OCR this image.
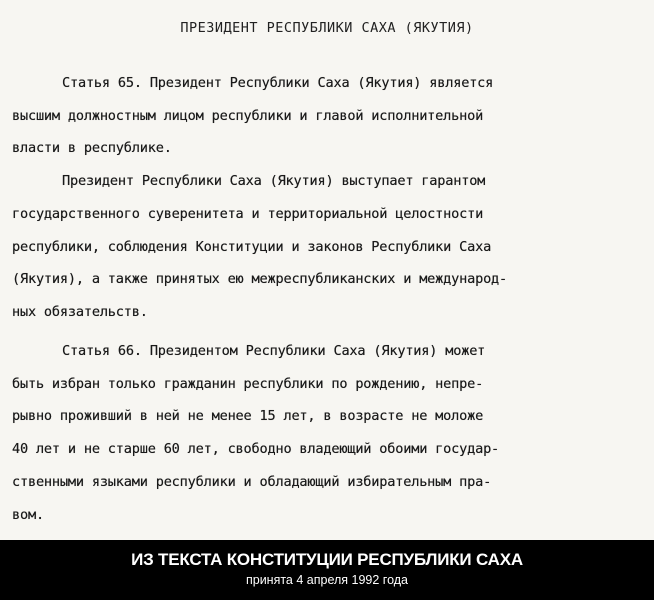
ПРЕЗИДЕНТ РЕСПУБЛИКИ САХА (ЯКУТИЯ)
Статья 65. Президент Республики Саха (Якутия) является
высшим должностным лицом республики и главой исполнительной
власти в республике.
Президент Республики Саха (Якутия) выступает гарантом
государственного суверенитета и территориальной целостности
республики, соблюдения Конституции и законов Республики Саха
(Якутия), а также принятых ею межреспубликанских и международ-
ных обязательств.
Статья 66. Президентом Республики Саха (Якутия) может
быть избран только гражданин республики по рождению, непре-
рывно проживший в ней не менее 15 лет, в возрасте не моложе
40 лет и не старше 60 лет, свободно владеющий обоими государ-
ственными языками республики и обладающий избирательным пра-
вом.
ИЗ ТЕКСТА КОНСТИТУЦИИ РЕСПУБЛИКИ САХА
принята 4 апреля 1992 года
